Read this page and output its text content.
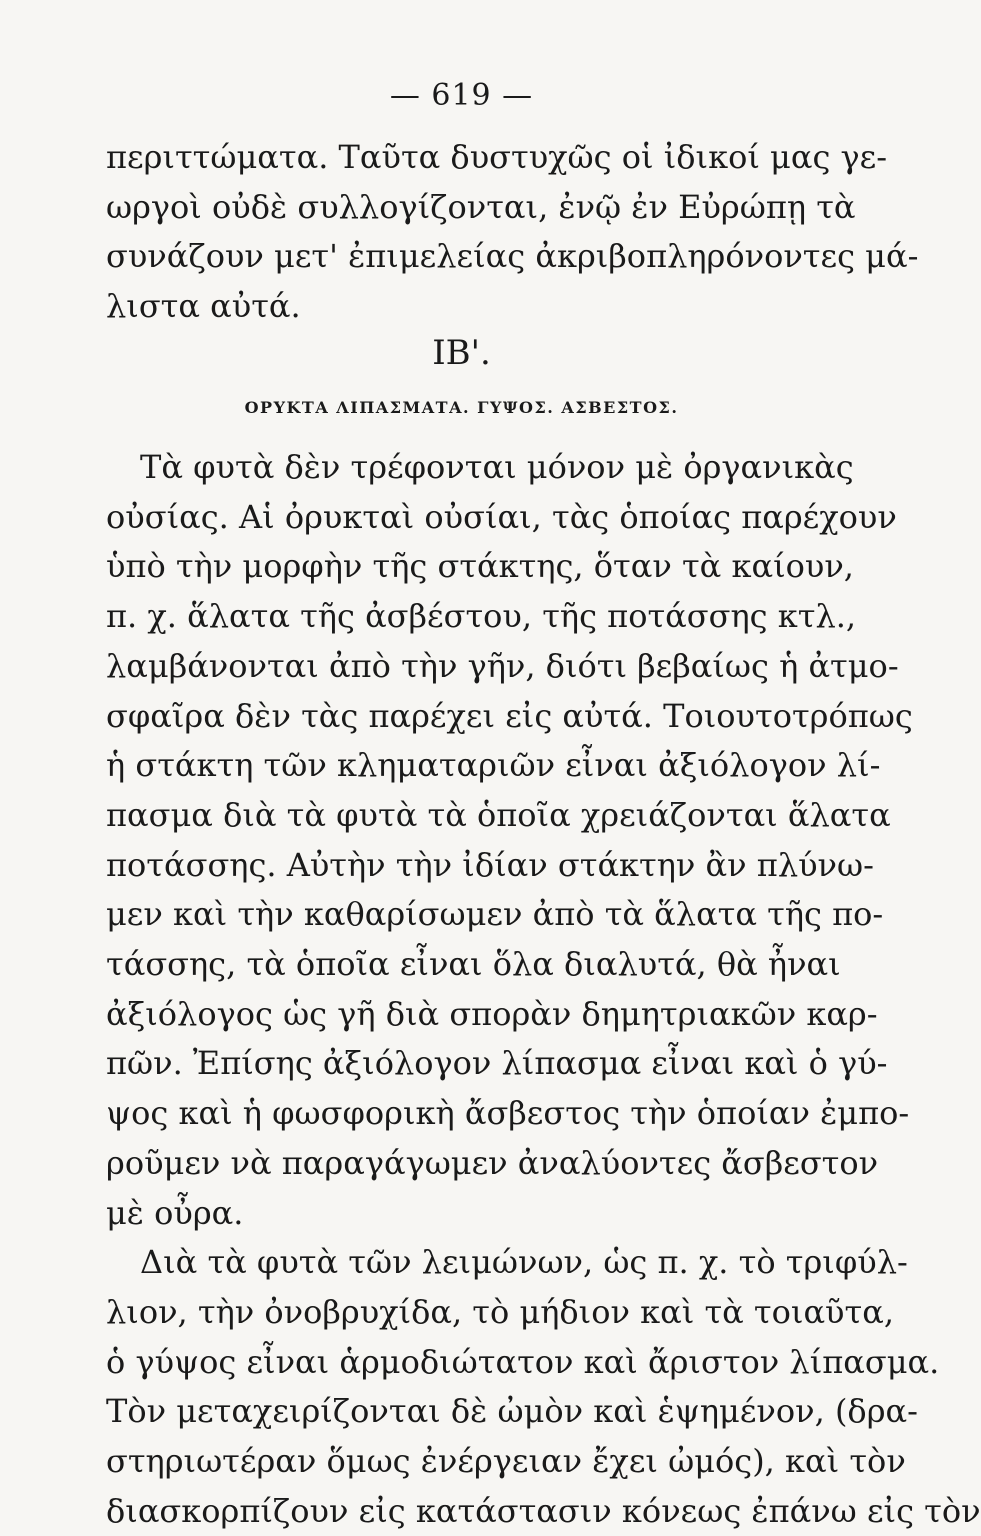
— 619 —
περιττώματα. Ταῦτα δυστυχῶς οἱ ἰδικοί μας γε-
ωργοὶ οὐδὲ συλλογίζονται, ἐνῷ ἐν Εὐρώπῃ τὰ
συνάζουν μετ' ἐπιμελείας ἀκριβοπληρόνοντες μά-
λιστα αὐτά.
ΙΒ'.
ΟΡΥΚΤΑ ΛΙΠΑΣΜΑΤΑ. ΓΥΨΟΣ. ΑΣΒΕΣΤΟΣ.
Τὰ φυτὰ δὲν τρέφονται μόνον μὲ ὀργανικὰς
οὐσίας. Αἱ ὀρυκταὶ οὐσίαι, τὰς ὁποίας παρέχουν
ὑπὸ τὴν μορφὴν τῆς στάκτης, ὅταν τὰ καίουν,
π. χ. ἅλατα τῆς ἀσβέστου, τῆς ποτάσσης κτλ.,
λαμβάνονται ἀπὸ τὴν γῆν, διότι βεβαίως ἡ ἀτμο-
σφαῖρα δὲν τὰς παρέχει εἰς αὐτά. Τοιουτοτρόπως
ἡ στάκτη τῶν κληματαριῶν εἶναι ἀξιόλογον λί-
πασμα διὰ τὰ φυτὰ τὰ ὁποῖα χρειάζονται ἅλατα
ποτάσσης. Αὐτὴν τὴν ἰδίαν στάκτην ἂν πλύνω-
μεν καὶ τὴν καθαρίσωμεν ἀπὸ τὰ ἅλατα τῆς πο-
τάσσης, τὰ ὁποῖα εἶναι ὅλα διαλυτά, θὰ ἦναι
ἀξιόλογος ὡς γῆ διὰ σπορὰν δημητριακῶν καρ-
πῶν. Ἐπίσης ἀξιόλογον λίπασμα εἶναι καὶ ὁ γύ-
ψος καὶ ἡ φωσφορικὴ ἄσβεστος τὴν ὁποίαν ἐμπο-
ροῦμεν νὰ παραγάγωμεν ἀναλύοντες ἄσβεστον
μὲ οὖρα.
Διὰ τὰ φυτὰ τῶν λειμώνων, ὡς π. χ. τὸ τριφύλ-
λιον, τὴν ὀνοβρυχίδα, τὸ μήδιον καὶ τὰ τοιαῦτα,
ὁ γύψος εἶναι ἁρμοδιώτατον καὶ ἄριστον λίπασμα.
Τὸν μεταχειρίζονται δὲ ὠμὸν καὶ ἑψημένον, (δρα-
στηριωτέραν ὅμως ἐνέργειαν ἔχει ὠμός), καὶ τὸν
διασκορπίζουν εἰς κατάστασιν κόνεως ἐπάνω εἰς τὸν
